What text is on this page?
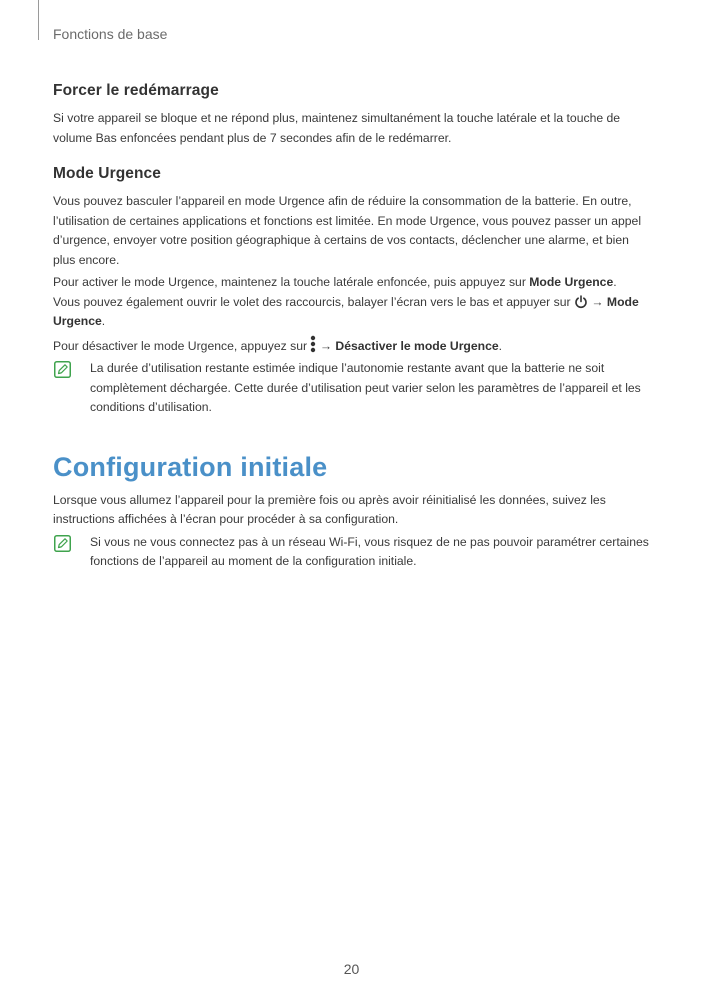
Fonctions de base

Forcer le redémarrage

Si votre appareil se bloque et ne répond plus, maintenez simultanément la touche latérale et la touche de volume Bas enfoncées pendant plus de 7 secondes afin de le redémarrer.

Mode Urgence

Vous pouvez basculer l’appareil en mode Urgence afin de réduire la consommation de la batterie. En outre, l’utilisation de certaines applications et fonctions est limitée. En mode Urgence, vous pouvez passer un appel d’urgence, envoyer votre position géographique à certains de vos contacts, déclencher une alarme, et bien plus encore.

Pour activer le mode Urgence, maintenez la touche latérale enfoncée, puis appuyez sur Mode Urgence.
Vous pouvez également ouvrir le volet des raccourcis, balayer l’écran vers le bas et appuyer sur  → Mode Urgence.

Pour désactiver le mode Urgence, appuyez sur  → Désactiver le mode Urgence.

La durée d’utilisation restante estimée indique l’autonomie restante avant que la batterie ne soit complètement déchargée. Cette durée d’utilisation peut varier selon les paramètres de l’appareil et les conditions d’utilisation.

Configuration initiale

Lorsque vous allumez l’appareil pour la première fois ou après avoir réinitialisé les données, suivez les instructions affichées à l’écran pour procéder à sa configuration.

Si vous ne vous connectez pas à un réseau Wi-Fi, vous risquez de ne pas pouvoir paramétrer certaines fonctions de l’appareil au moment de la configuration initiale.

20
